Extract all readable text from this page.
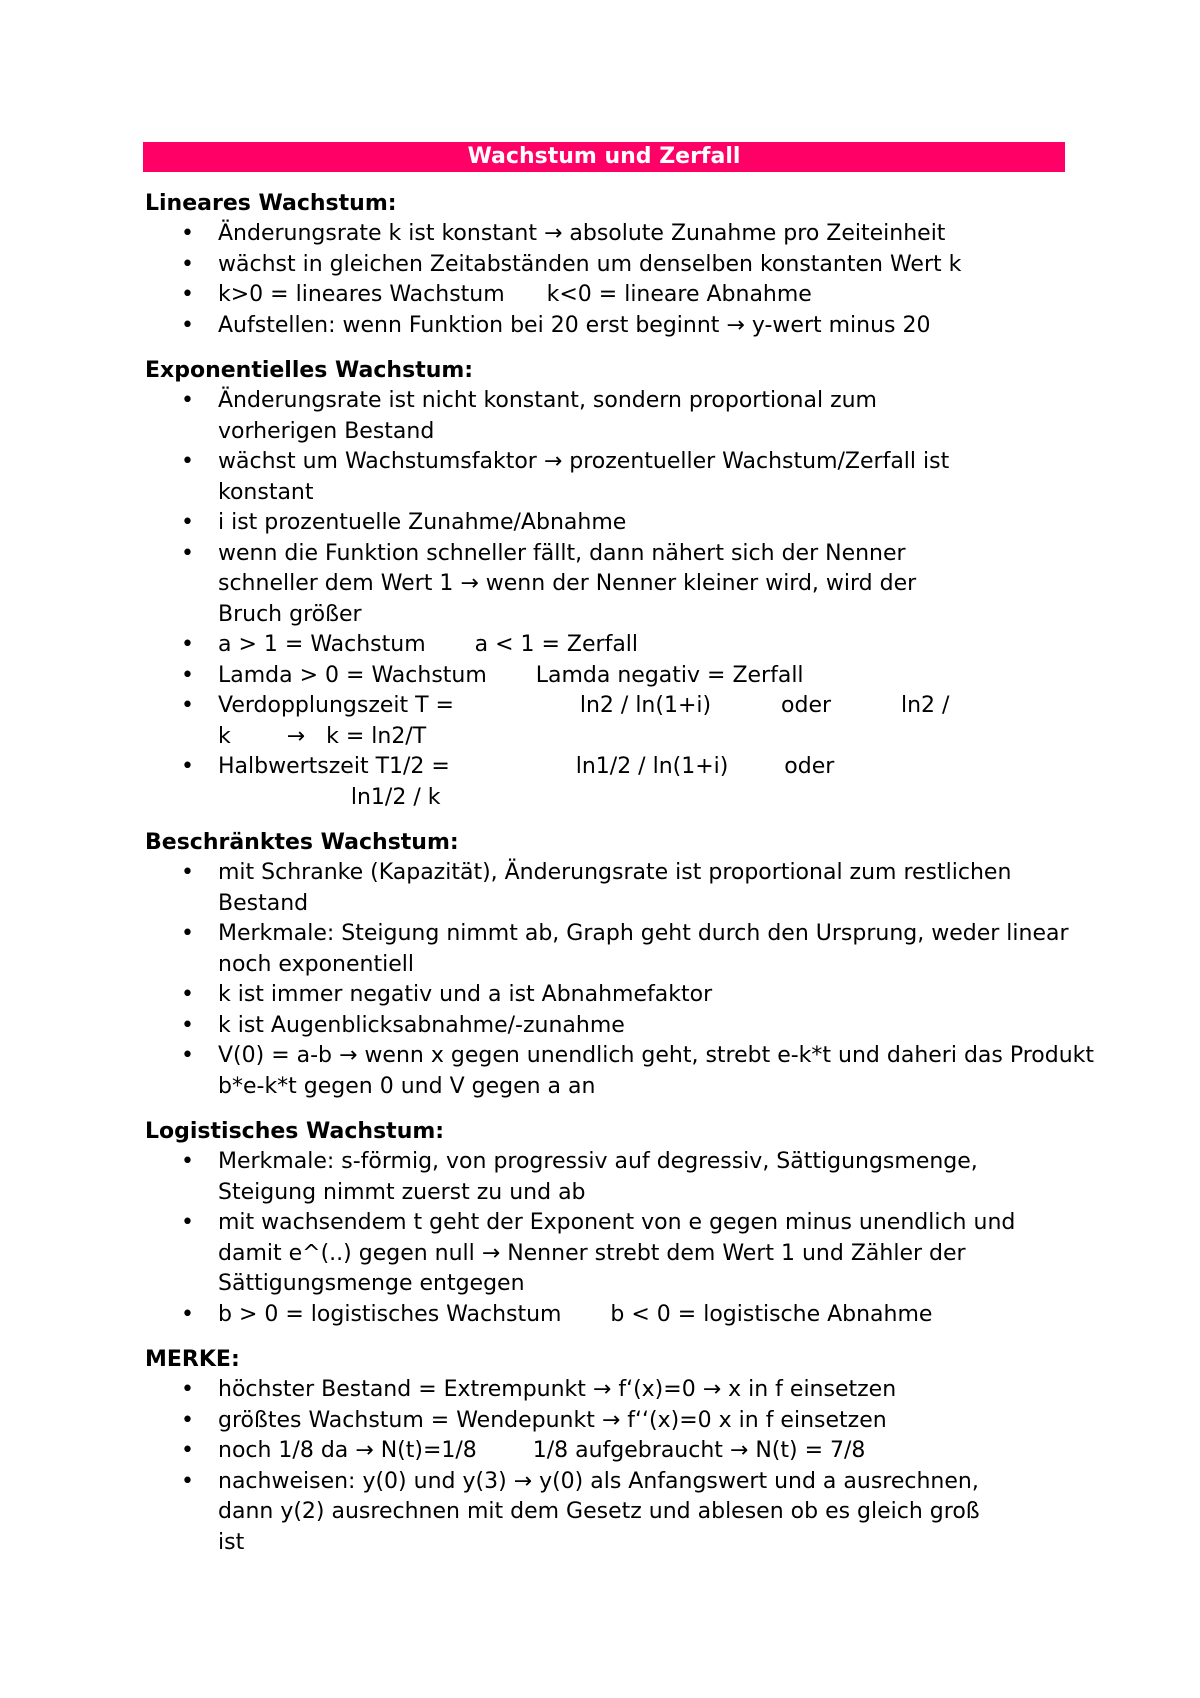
Wachstum und Zerfall
Lineares Wachstum:
• Änderungsrate k ist konstant → absolute Zunahme pro Zeiteinheit
• wächst in gleichen Zeitabständen um denselben konstanten Wert k
• k>0 = lineares Wachstum      k<0 = lineare Abnahme
• Aufstellen: wenn Funktion bei 20 erst beginnt → y-wert minus 20
Exponentielles Wachstum:
• Änderungsrate ist nicht konstant, sondern proportional zum
vorherigen Bestand
• wächst um Wachstumsfaktor → prozentueller Wachstum/Zerfall ist
konstant
• i ist prozentuelle Zunahme/Abnahme
• wenn die Funktion schneller fällt, dann nähert sich der Nenner
schneller dem Wert 1 → wenn der Nenner kleiner wird, wird der
Bruch größer
• a > 1 = Wachstum       a < 1 = Zerfall
• Lamda > 0 = Wachstum       Lamda negativ = Zerfall
• Verdopplungszeit T =                  ln2 / ln(1+i)          oder          ln2 /
k        →   k = ln2/T
• Halbwertszeit T1/2 =                  ln1/2 / ln(1+i)        oder
ln1/2 / k
Beschränktes Wachstum:
• mit Schranke (Kapazität), Änderungsrate ist proportional zum restlichen
Bestand
• Merkmale: Steigung nimmt ab, Graph geht durch den Ursprung, weder linear
noch exponentiell
• k ist immer negativ und a ist Abnahmefaktor
• k ist Augenblicksabnahme/-zunahme
• V(0) = a-b → wenn x gegen unendlich geht, strebt e-k*t und daheri das Produkt
b*e-k*t gegen 0 und V gegen a an
Logistisches Wachstum:
• Merkmale: s-förmig, von progressiv auf degressiv, Sättigungsmenge,
Steigung nimmt zuerst zu und ab
• mit wachsendem t geht der Exponent von e gegen minus unendlich und
damit e^(..) gegen null → Nenner strebt dem Wert 1 und Zähler der
Sättigungsmenge entgegen
• b > 0 = logistisches Wachstum       b < 0 = logistische Abnahme
MERKE:
• höchster Bestand = Extrempunkt → f‘(x)=0 → x in f einsetzen
• größtes Wachstum = Wendepunkt → f‘‘(x)=0 x in f einsetzen
• noch 1/8 da → N(t)=1/8        1/8 aufgebraucht → N(t) = 7/8
• nachweisen: y(0) und y(3) → y(0) als Anfangswert und a ausrechnen,
dann y(2) ausrechnen mit dem Gesetz und ablesen ob es gleich groß
ist
